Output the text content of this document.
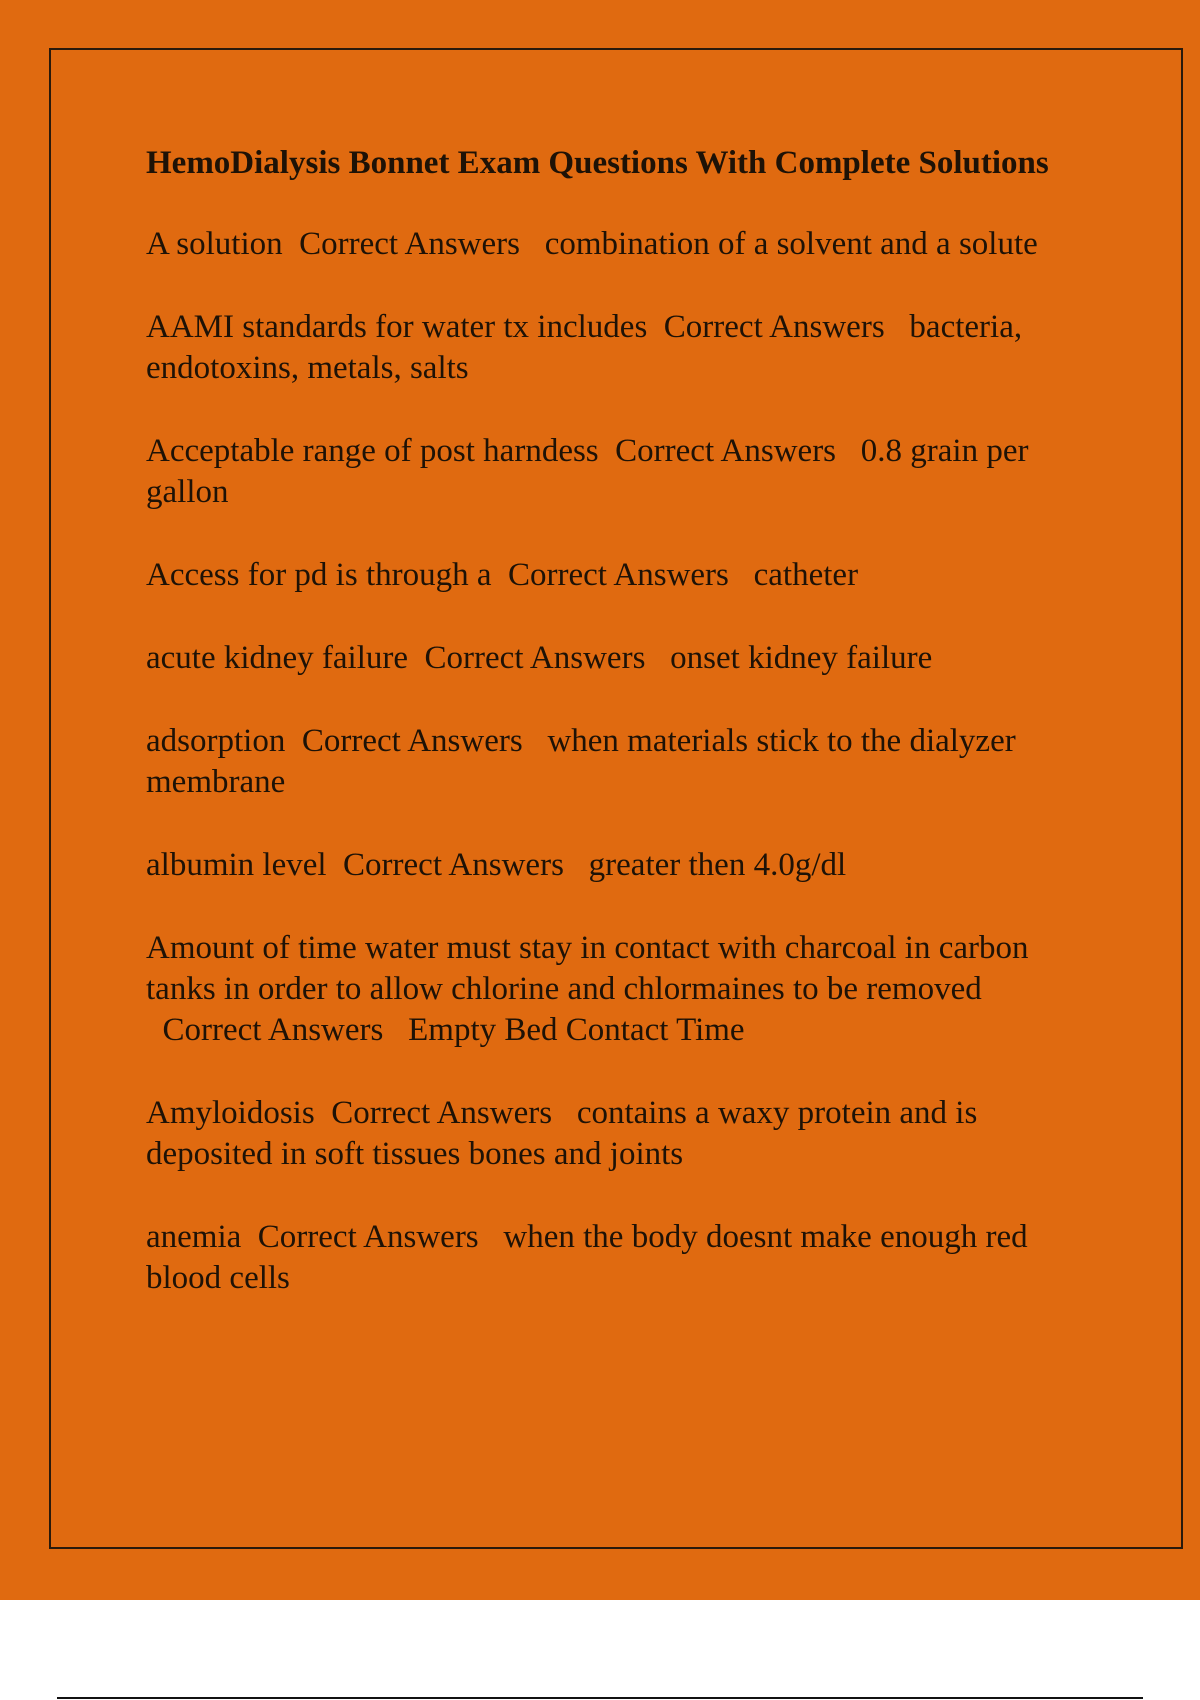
HemoDialysis Bonnet Exam Questions With Complete Solutions
A solution Correct Answers combination of a solvent and a solute
AAMI standards for water tx includes Correct Answers bacteria, endotoxins, metals, salts
Acceptable range of post harndess Correct Answers 0.8 grain per gallon
Access for pd is through a Correct Answers catheter
acute kidney failure Correct Answers onset kidney failure
adsorption Correct Answers when materials stick to the dialyzer membrane
albumin level Correct Answers greater then 4.0g/dl
Amount of time water must stay in contact with charcoal in carbon tanks in order to allow chlorine and chlormaines to be removed  Correct Answers Empty Bed Contact Time
Amyloidosis Correct Answers contains a waxy protein and is deposited in soft tissues bones and joints
anemia Correct Answers when the body doesnt make enough red blood cells
